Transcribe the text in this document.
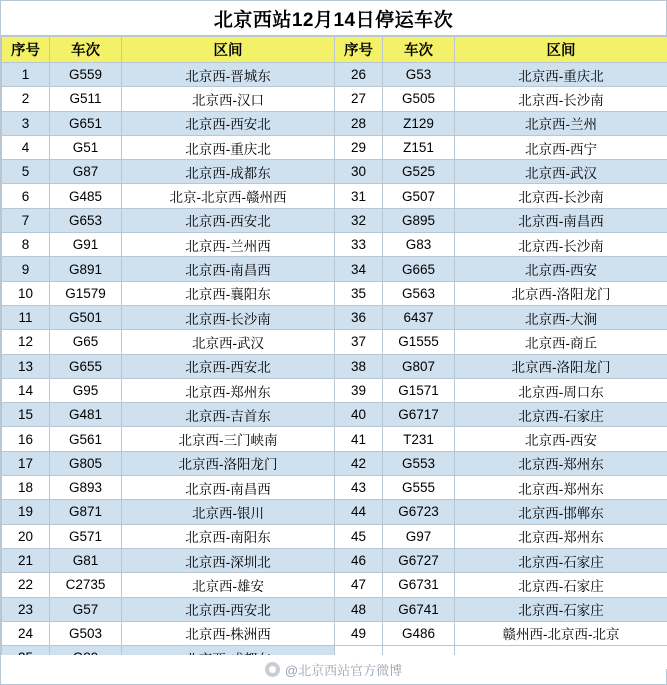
北京西站12月14日停运车次
序号	车次	区间	序号	车次	区间
1	G559	北京西-晋城东	26	G53	北京西-重庆北
2	G511	北京西-汉口	27	G505	北京西-长沙南
3	G651	北京西-西安北	28	Z129	北京西-兰州
4	G51	北京西-重庆北	29	Z151	北京西-西宁
5	G87	北京西-成都东	30	G525	北京西-武汉
6	G485	北京-北京西-赣州西	31	G507	北京西-长沙南
7	G653	北京西-西安北	32	G895	北京西-南昌西
8	G91	北京西-兰州西	33	G83	北京西-长沙南
9	G891	北京西-南昌西	34	G665	北京西-西安
10	G1579	北京西-襄阳东	35	G563	北京西-洛阳龙门
11	G501	北京西-长沙南	36	6437	北京西-大涧
12	G65	北京西-武汉	37	G1555	北京西-商丘
13	G655	北京西-西安北	38	G807	北京西-洛阳龙门
14	G95	北京西-郑州东	39	G1571	北京西-周口东
15	G481	北京西-吉首东	40	G6717	北京西-石家庄
16	G561	北京西-三门峡南	41	T231	北京西-西安
17	G805	北京西-洛阳龙门	42	G553	北京西-郑州东
18	G893	北京西-南昌西	43	G555	北京西-郑州东
19	G871	北京西-银川	44	G6723	北京西-邯郸东
20	G571	北京西-南阳东	45	G97	北京西-郑州东
21	G81	北京西-深圳北	46	G6727	北京西-石家庄
22	C2735	北京西-雄安	47	G6731	北京西-石家庄
23	G57	北京西-西安北	48	G6741	北京西-石家庄
24	G503	北京西-株洲西	49	G486	赣州西-北京西-北京

@北京西站官方微博
